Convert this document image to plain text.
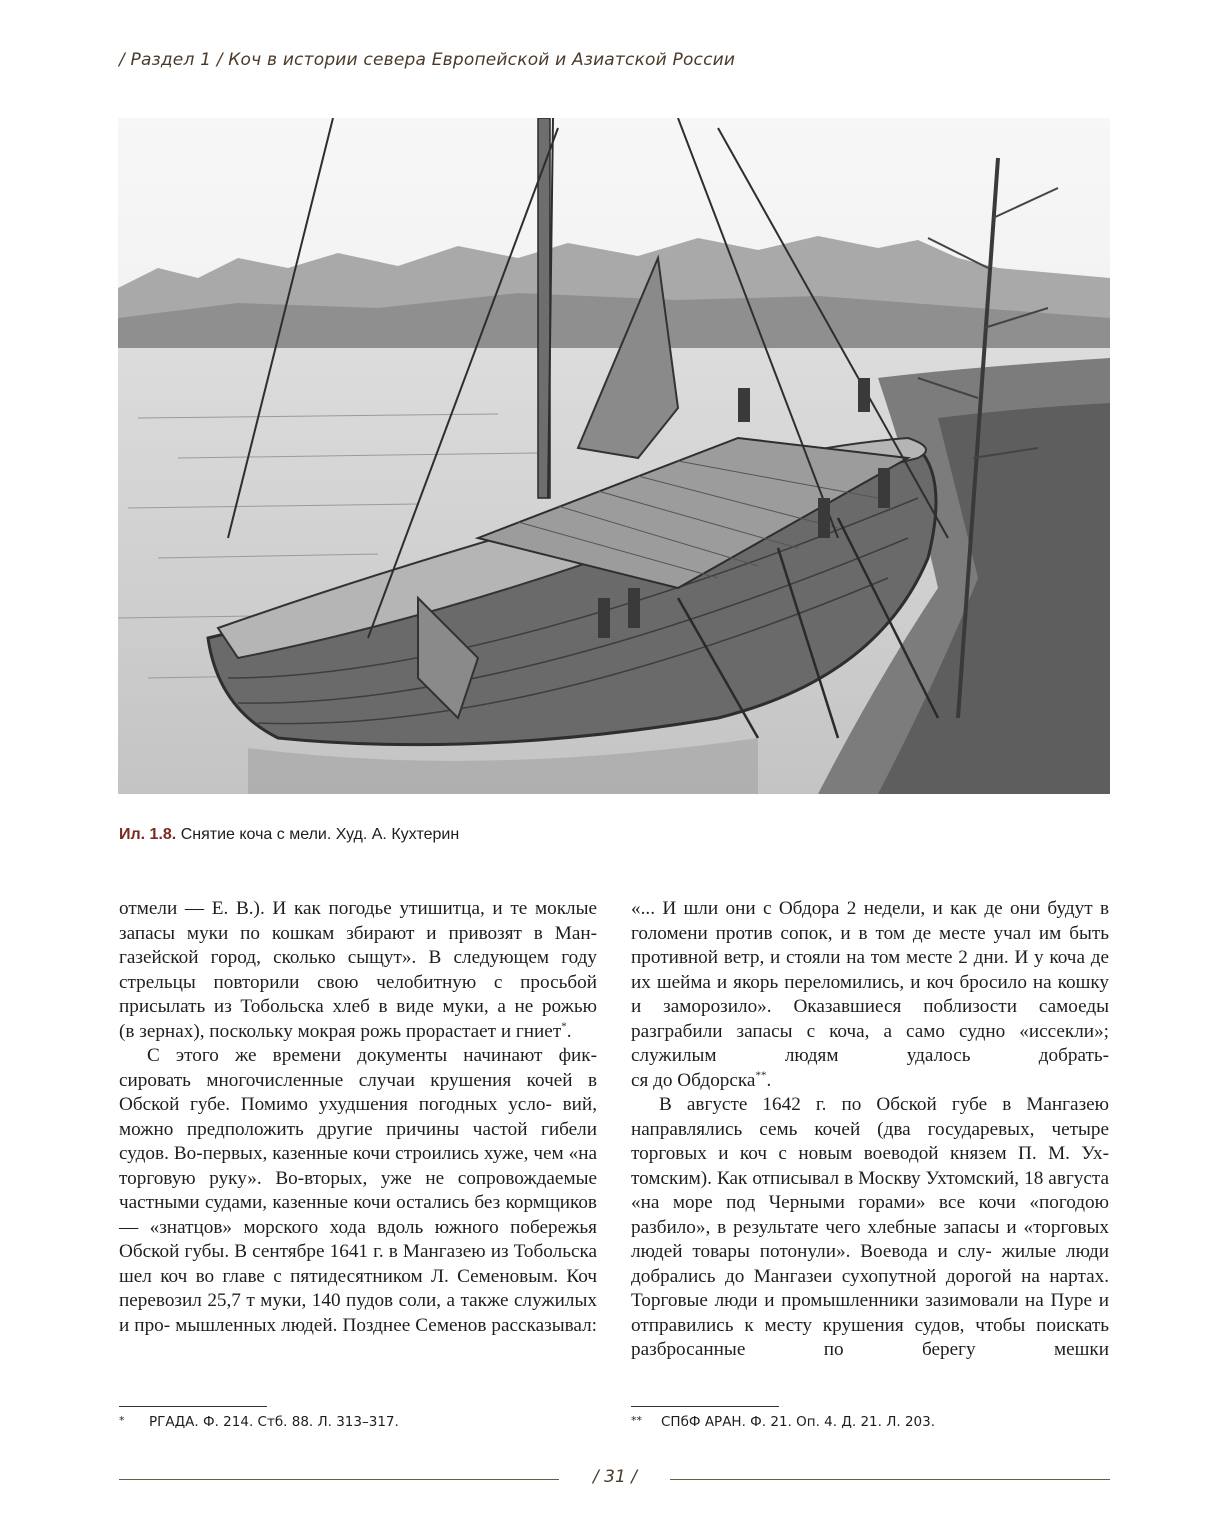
/ Раздел 1 / Коч в истории севера Европейской и Азиатской России
Ил. 1.8. Снятие коча с мели. Худ. А. Кухтерин

отмели — Е. В.). И как погодье утишитца, и те моклые запасы муки по кошкам збирают и привозят в Ман- газейской город, сколько сыщут». В следующем году стрельцы повторили свою челобитную с просьбой присылать из Тобольска хлеб в виде муки, а не рожью

(в зернах), поскольку мокрая рожь прорастает и гниет*.

С этого же времени документы начинают фик- сировать многочисленные случаи крушения кочей в Обской губе. Помимо ухудшения погодных усло- вий, можно предположить другие причины частой гибели судов. Во-первых, казенные кочи строились хуже, чем «на торговую руку». Во-вторых, уже не сопровождаемые частными судами, казенные кочи остались без кормщиков — «знатцов» морского хода вдоль южного побережья Обской губы. В сентябре 1641 г. в Мангазею из Тобольска шел коч во главе с пятидесятником Л. Семеновым. Коч перевозил 25,7 т муки, 140 пудов соли, а также служилых и про- мышленных людей. Позднее Семенов рассказывал:

«... И шли они с Обдора 2 недели, и как де они будут в голомени против сопок, и в том де месте учал им быть противной ветр, и стояли на том месте 2 дни. И у коча де их шейма и якорь переломились, и коч бросило на кошку и заморозило». Оказавшиеся поблизости самоеды разграбили запасы с коча, а само судно «иссекли»; служилым людям удалось добрать-

ся до Обдорска**.

В августе 1642 г. по Обской губе в Мангазею направлялись семь кочей (два государевых, четыре торговых и коч с новым воеводой князем П. М. Ух- томским). Как отписывал в Москву Ухтомский, 18 августа «на море под Черными горами» все кочи «погодою разбило», в результате чего хлебные запасы и «торговых людей товары потонули». Воевода и слу- жилые люди добрались до Мангазеи сухопутной дорогой на нартах. Торговые люди и промышленники зазимовали на Пуре и отправились к месту крушения судов, чтобы поискать разбросанные по берегу мешки

* РГАДА. Ф. 214. Стб. 88. Л. 313–317.	** СПбФ АРАН. Ф. 21. Оп. 4. Д. 21. Л. 203.
/ 31 /
